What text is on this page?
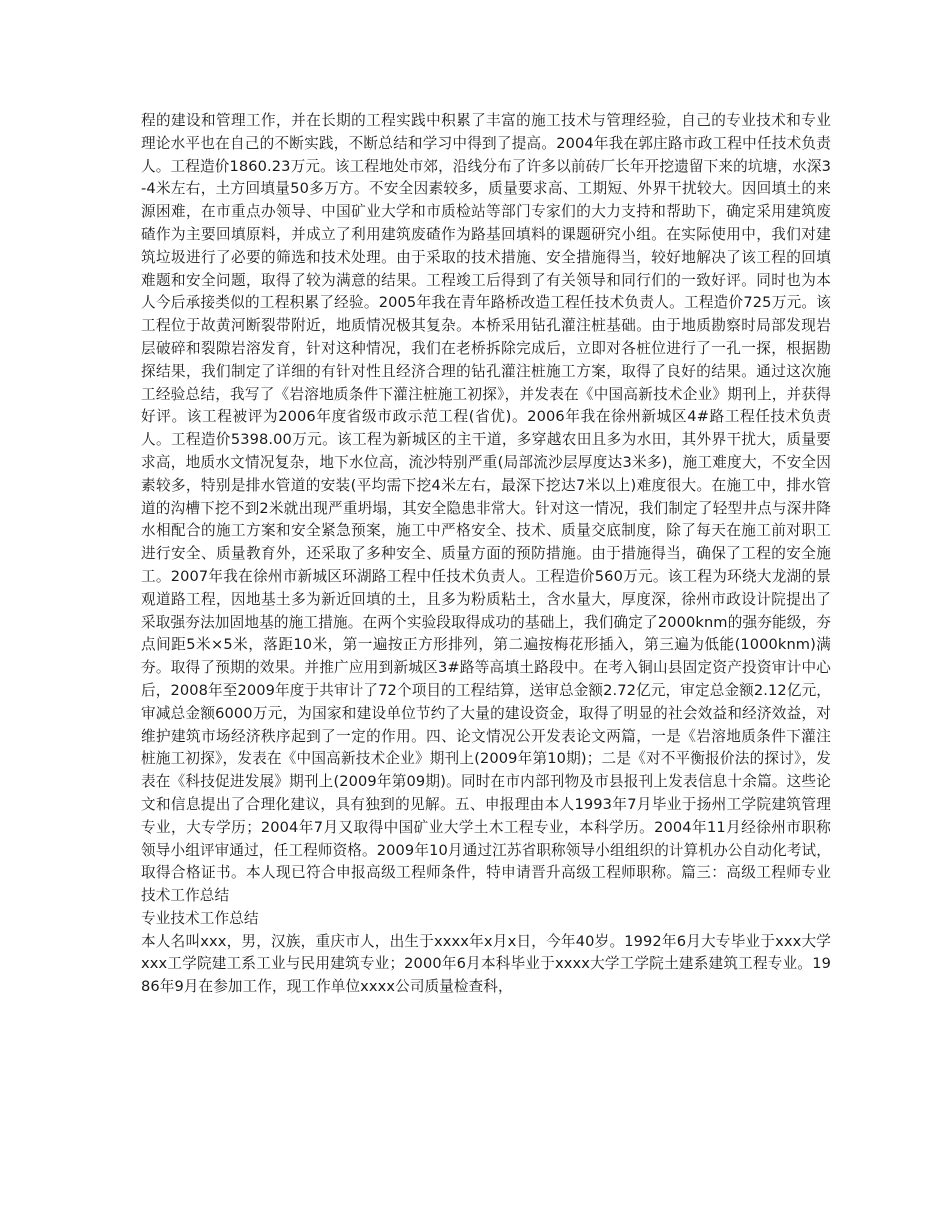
程的建设和管理工作，并在长期的工程实践中积累了丰富的施工技术与管理经验，自己的专业技术和专业理论水平也在自己的不断实践，不断总结和学习中得到了提高。2004年我在郭庄路市政工程中任技术负责人。工程造价1860.23万元。该工程地处市郊，沿线分布了许多以前砖厂长年开挖遗留下来的坑塘，水深3-4米左右，土方回填量50多万方。不安全因素较多，质量要求高、工期短、外界干扰较大。因回填土的来源困难，在市重点办领导、中国矿业大学和市质检站等部门专家们的大力支持和帮助下，确定采用建筑废碴作为主要回填原料，并成立了利用建筑废碴作为路基回填料的课题研究小组。在实际使用中，我们对建筑垃圾进行了必要的筛选和技术处理。由于采取的技术措施、安全措施得当，较好地解决了该工程的回填难题和安全问题，取得了较为满意的结果。工程竣工后得到了有关领导和同行们的一致好评。同时也为本人今后承接类似的工程积累了经验。2005年我在青年路桥改造工程任技术负责人。工程造价725万元。该工程位于故黄河断裂带附近，地质情况极其复杂。本桥采用钻孔灌注桩基础。由于地质勘察时局部发现岩层破碎和裂隙岩溶发育，针对这种情况，我们在老桥拆除完成后，立即对各桩位进行了一孔一探，根据勘探结果，我们制定了详细的有针对性且经济合理的钻孔灌注桩施工方案，取得了良好的结果。通过这次施工经验总结，我写了《岩溶地质条件下灌注桩施工初探》，并发表在《中国高新技术企业》期刊上，并获得好评。该工程被评为2006年度省级市政示范工程(省优)。2006年我在徐州新城区4#路工程任技术负责人。工程造价5398.00万元。该工程为新城区的主干道，多穿越农田且多为水田，其外界干扰大，质量要求高，地质水文情况复杂，地下水位高，流沙特别严重(局部流沙层厚度达3米多)，施工难度大，不安全因素较多，特别是排水管道的安装(平均需下挖4米左右，最深下挖达7米以上)难度很大。在施工中，排水管道的沟槽下挖不到2米就出现严重坍塌，其安全隐患非常大。针对这一情况，我们制定了轻型井点与深井降水相配合的施工方案和安全紧急预案，施工中严格安全、技术、质量交底制度，除了每天在施工前对职工进行安全、质量教育外，还采取了多种安全、质量方面的预防措施。由于措施得当，确保了工程的安全施工。2007年我在徐州市新城区环湖路工程中任技术负责人。工程造价560万元。该工程为环绕大龙湖的景观道路工程，因地基土多为新近回填的土，且多为粉质粘土，含水量大，厚度深，徐州市政设计院提出了采取强夯法加固地基的施工措施。在两个实验段取得成功的基础上，我们确定了2000knm的强夯能级，夯点间距5米×5米，落距10米，第一遍按正方形排列，第二遍按梅花形插入，第三遍为低能(1000knm)满夯。取得了预期的效果。并推广应用到新城区3#路等高填土路段中。在考入铜山县固定资产投资审计中心后，2008年至2009年度于共审计了72个项目的工程结算，送审总金额2.72亿元，审定总金额2.12亿元，审减总金额6000万元，为国家和建设单位节约了大量的建设资金，取得了明显的社会效益和经济效益，对维护建筑市场经济秩序起到了一定的作用。四、论文情况公开发表论文两篇，一是《岩溶地质条件下灌注桩施工初探》，发表在《中国高新技术企业》期刊上(2009年第10期)；二是《对不平衡报价法的探讨》，发表在《科技促进发展》期刊上(2009年第09期)。同时在市内部刊物及市县报刊上发表信息十余篇。这些论文和信息提出了合理化建议，具有独到的见解。五、申报理由本人1993年7月毕业于扬州工学院建筑管理专业，大专学历；2004年7月又取得中国矿业大学土木工程专业，本科学历。2004年11月经徐州市职称领导小组评审通过，任工程师资格。2009年10月通过江苏省职称领导小组组织的计算机办公自动化考试，取得合格证书。本人现已符合申报高级工程师条件，特申请晋升高级工程师职称。篇三：高级工程师专业技术工作总结

专业技术工作总结

本人名叫xxx，男，汉族，重庆市人，出生于xxxx年x月x日，今年40岁。1992年6月大专毕业于xxx大学xxx工学院建工系工业与民用建筑专业；2000年6月本科毕业于xxxx大学工学院土建系建筑工程专业。1986年9月在参加工作，现工作单位xxxx公司质量检查科，
